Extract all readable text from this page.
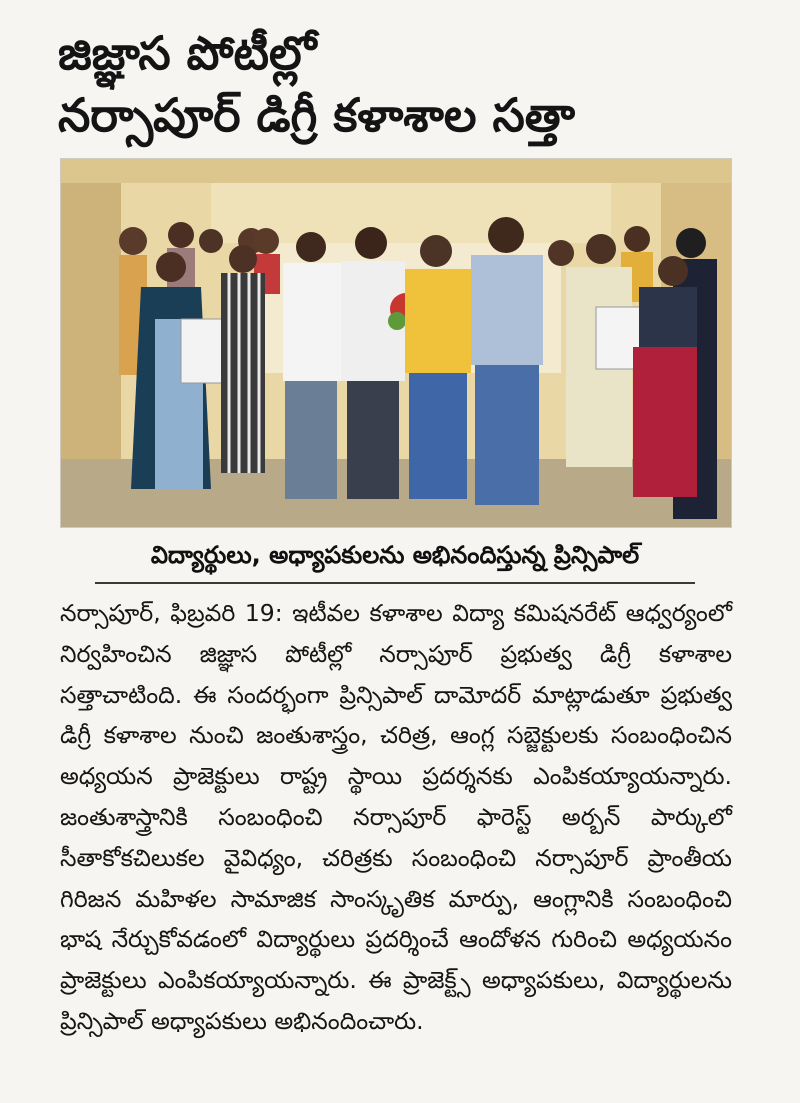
జిజ్ఞాస పోటీల్లో
నర్సాపూర్ డిగ్రీ కళాశాల సత్తా
విద్యార్థులు, అధ్యాపకులను అభినందిస్తున్న ప్రిన్సిపాల్
నర్సాపూర్, ఫిబ్రవరి 19: ఇటీవల కళాశాల విద్యా కమిషనరేట్ ఆధ్వర్యంలో నిర్వహించిన జిజ్ఞాస పోటీల్లో నర్సాపూర్ ప్రభుత్వ డిగ్రీ కళాశాల సత్తాచాటింది. ఈ సందర్భంగా ప్రిన్సిపాల్ దామోదర్ మాట్లాడుతూ ప్రభుత్వ డిగ్రీ కళాశాల నుంచి జంతుశాస్త్రం, చరిత్ర, ఆంగ్ల సబ్జెక్టులకు సంబంధించిన అధ్యయన ప్రాజెక్టులు రాష్ట్ర స్థాయి ప్రదర్శనకు ఎంపికయ్యాయన్నారు. జంతుశాస్త్రానికి సంబంధించి నర్సాపూర్ ఫారెస్ట్ అర్బన్ పార్కులో సీతాకోకచిలుకల వైవిధ్యం, చరిత్రకు సంబంధించి నర్సాపూర్ ప్రాంతీయ గిరిజన మహిళల సామాజిక సాంస్కృతిక మార్పు, ఆంగ్లానికి సంబంధించి భాష నేర్చుకోవడంలో విద్యార్థులు ప్రదర్శించే ఆందోళన గురించి అధ్యయనం ప్రాజెక్టులు ఎంపికయ్యాయన్నారు. ఈ ప్రాజెక్ట్స్ అధ్యాపకులు, విద్యార్థులను ప్రిన్సిపాల్ అధ్యాపకులు అభినందించారు.
